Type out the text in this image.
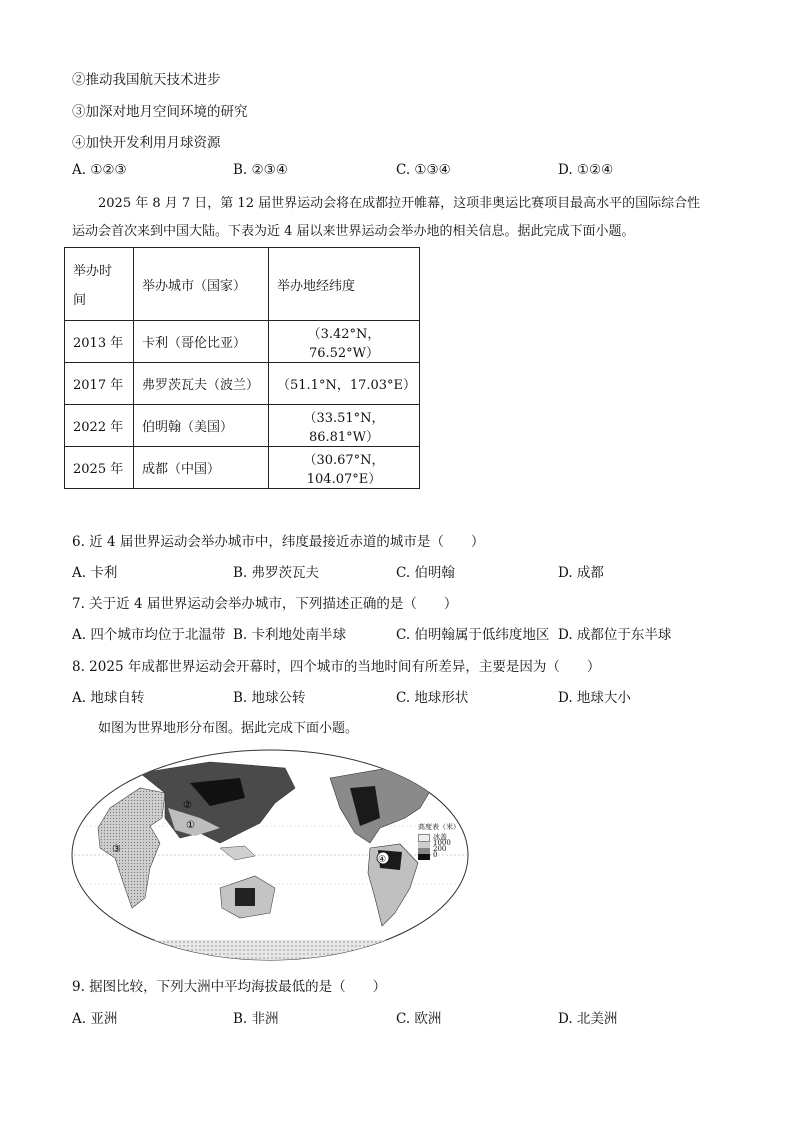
②推动我国航天技术进步
③加深对地月空间环境的研究
④加快开发利用月球资源
A. ①②③	B. ②③④	C. ①③④	D. ①②④
2025 年 8 月 7 日，第 12 届世界运动会将在成都拉开帷幕，这项非奥运比赛项目最高水平的国际综合性
运动会首次来到中国大陆。下表为近 4 届以来世界运动会举办地的相关信息。据此完成下面小题。
举办时
间	举办城市（国家）	举办地经纬度
2013 年	卡利（哥伦比亚）	（3.42°N，76.52°W）
2017 年	弗罗茨瓦夫（波兰）	（51.1°N，17.03°E）
2022 年	伯明翰（美国）	（33.51°N，86.81°W）
2025 年	成都（中国）	（30.67°N，104.07°E）
6. 近 4 届世界运动会举办城市中，纬度最接近赤道的城市是（　　）
A. 卡利	B. 弗罗茨瓦夫	C. 伯明翰	D. 成都
7. 关于近 4 届世界运动会举办城市，下列描述正确的是（　　）
A. 四个城市均位于北温带 B. 卡利地处南半球	C. 伯明翰属于低纬度地区 D. 成都位于东半球
8. 2025 年成都世界运动会开幕时，四个城市的当地时间有所差异，主要是因为（　　）
A. 地球自转	B. 地球公转	C. 地球形状	D. 地球大小
如图为世界地形分布图。据此完成下面小题。
①
②
③
④
高度表（米）
冰盖
1000
200
0
9. 据图比较，下列大洲中平均海拔最低的是（　　）
A. 亚洲	B. 非洲	C. 欧洲	D. 北美洲
